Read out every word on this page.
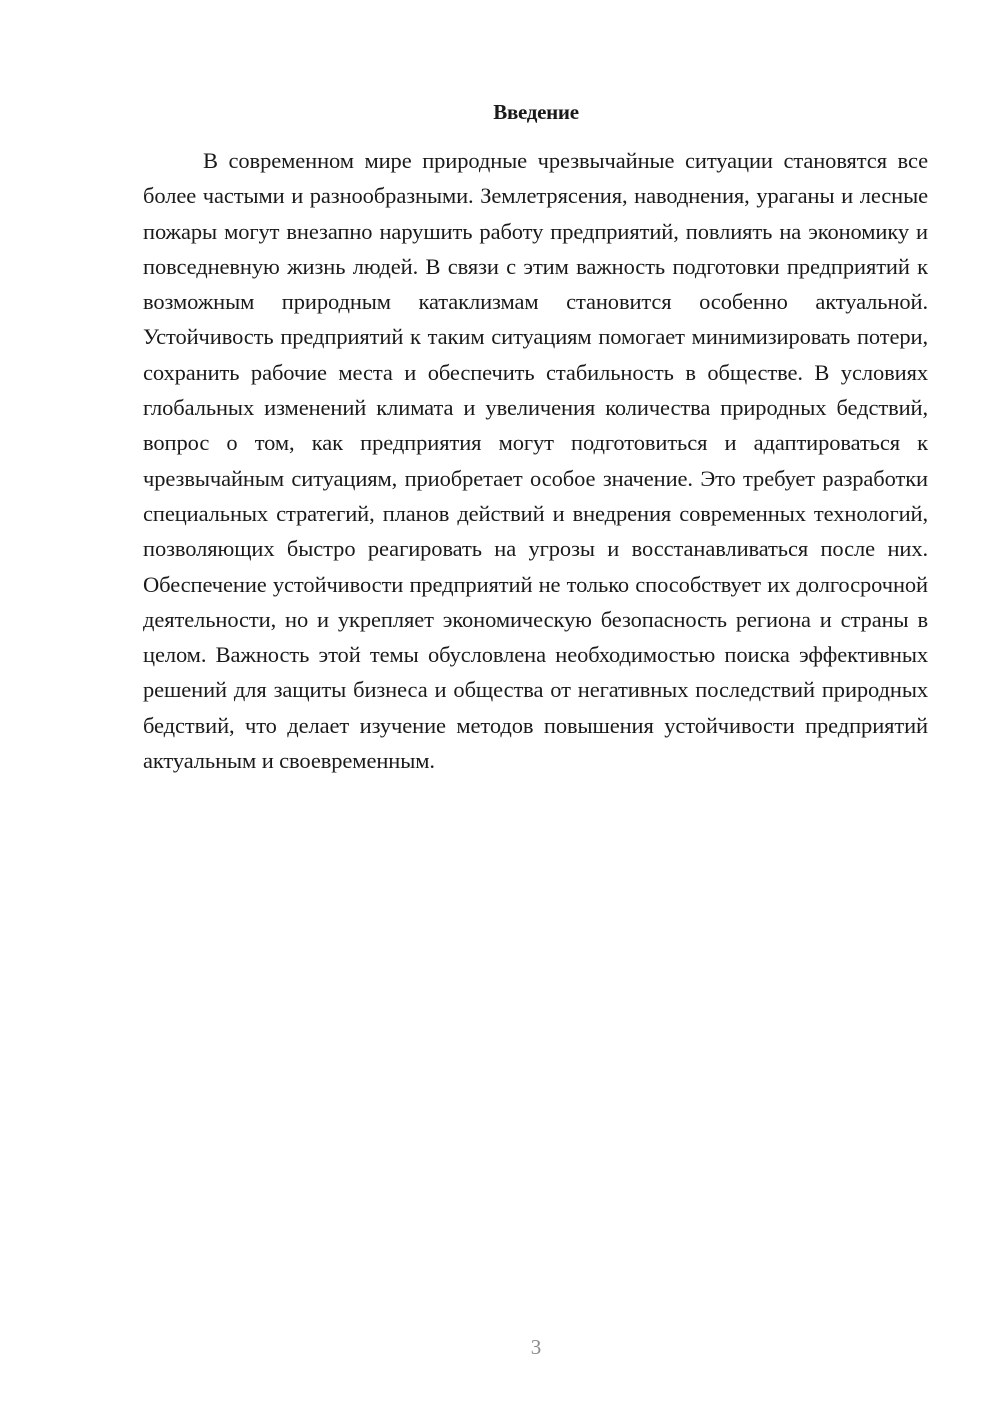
Введение

В современном мире природные чрезвычайные ситуации становятся все более частыми и разнообразными. Землетрясения, наводнения, ураганы и лесные пожары могут внезапно нарушить работу предприятий, повлиять на экономику и повседневную жизнь людей. В связи с этим важность подготовки предприятий к возможным природным катаклизмам становится особенно актуальной. Устойчивость предприятий к таким ситуациям помогает минимизировать потери, сохранить рабочие места и обеспечить стабильность в обществе. В условиях глобальных изменений климата и увеличения количества природных бедствий, вопрос о том, как предприятия могут подготовиться и адаптироваться к чрезвычайным ситуациям, приобретает особое значение. Это требует разработки специальных стратегий, планов действий и внедрения современных технологий, позволяющих быстро реагировать на угрозы и восстанавливаться после них. Обеспечение устойчивости предприятий не только способствует их долгосрочной деятельности, но и укрепляет экономическую безопасность региона и страны в целом. Важность этой темы обусловлена необходимостью поиска эффективных решений для защиты бизнеса и общества от негативных последствий природных бедствий, что делает изучение методов повышения устойчивости предприятий актуальным и своевременным.

3
